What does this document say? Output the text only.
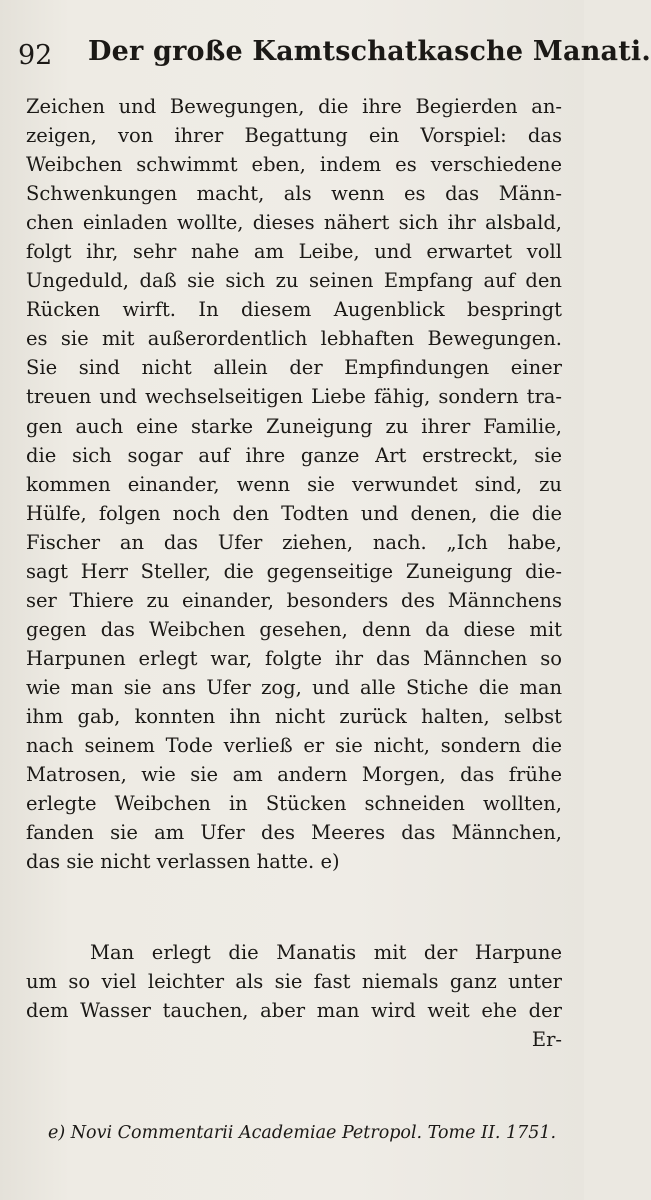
92 Der große Kamtschatkasche Manati.
Zeichen und Bewegungen, die ihre Begierden an-
zeigen, von ihrer Begattung ein Vorspiel: das
Weibchen schwimmt eben, indem es verschiedene
Schwenkungen macht, als wenn es das Männ-
chen einladen wollte, dieses nähert sich ihr alsbald,
folgt ihr, sehr nahe am Leibe, und erwartet voll
Ungeduld, daß sie sich zu seinen Empfang auf den
Rücken wirft. In diesem Augenblick bespringt
es sie mit außerordentlich lebhaften Bewegungen.
Sie sind nicht allein der Empfindungen einer
treuen und wechselseitigen Liebe fähig, sondern tra-
gen auch eine starke Zuneigung zu ihrer Familie,
die sich sogar auf ihre ganze Art erstreckt, sie
kommen einander, wenn sie verwundet sind, zu
Hülfe, folgen noch den Todten und denen, die die
Fischer an das Ufer ziehen, nach. „Ich habe,
sagt Herr Steller, die gegenseitige Zuneigung die-
ser Thiere zu einander, besonders des Männchens
gegen das Weibchen gesehen, denn da diese mit
Harpunen erlegt war, folgte ihr das Männchen so
wie man sie ans Ufer zog, und alle Stiche die man
ihm gab, konnten ihn nicht zurück halten, selbst
nach seinem Tode verließ er sie nicht, sondern die
Matrosen, wie sie am andern Morgen, das frühe
erlegte Weibchen in Stücken schneiden wollten,
fanden sie am Ufer des Meeres das Männchen,
das sie nicht verlassen hatte. e)
Man erlegt die Manatis mit der Harpune
um so viel leichter als sie fast niemals ganz unter
dem Wasser tauchen, aber man wird weit ehe der
Er-
e) Novi Commentarii Academiae Petropol. Tome II. 1751.
